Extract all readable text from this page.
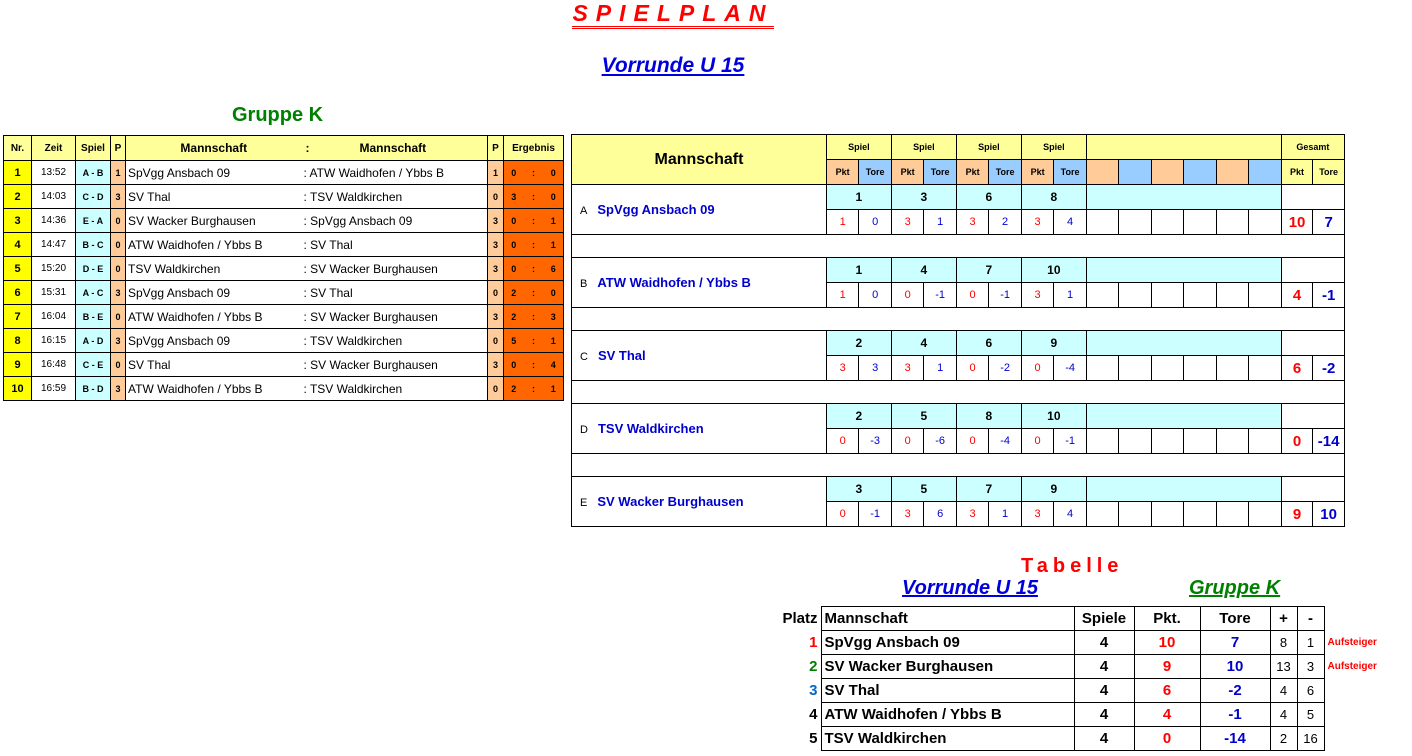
SPIELPLAN
Vorrunde U 15
Gruppe K
Nr.	Zeit	Spiel	P	Mannschaft	: Mannschaft	P	Ergebnis		
1	13:52	A - B	1	SpVgg Ansbach 09	: ATW Waidhofen / Ybbs B	1	0	:	0
2	14:03	C - D	3	SV Thal	: TSV Waldkirchen	0	3	:	0
3	14:36	E - A	0	SV Wacker Burghausen	: SpVgg Ansbach 09	3	0	:	1
4	14:47	B - C	0	ATW Waidhofen / Ybbs B	: SV Thal	3	0	:	1
5	15:20	D - E	0	TSV Waldkirchen	: SV Wacker Burghausen	3	0	:	6
6	15:31	A - C	3	SpVgg Ansbach 09	: SV Thal	0	2	:	0
7	16:04	B - E	0	ATW Waidhofen / Ybbs B	: SV Wacker Burghausen	3	2	:	3
8	16:15	A - D	3	SpVgg Ansbach 09	: TSV Waldkirchen	0	5	:	1
9	16:48	C - E	0	SV Thal	: SV Wacker Burghausen	3	0	:	4
10	16:59	B - D	3	ATW Waidhofen / Ybbs B	: TSV Waldkirchen	0	2	:	1
Mannschaft	Spiel		Spiel		Spiel		Spiel								Gesamt	
	Pkt	Tore	Pkt	Tore	Pkt	Tore	Pkt	Tore							Pkt	Tore
A SpVgg Ansbach 09	1		3		6		8									
	1	0	3	1	3	2	3	4							10	7

B ATW Waidhofen / Ybbs B	1		4		7		10									
	1	0	0	-1	0	-1	3	1							4	-1

C SV Thal	2		4		6		9									
	3	3	3	1	0	-2	0	-4							6	-2

D TSV Waldkirchen	2		5		8		10									
	0	-3	0	-6	0	-4	0	-1							0	-14

E SV Wacker Burghausen	3		5		7		9									
	0	-1	3	6	3	1	3	4							9	10
Tabelle
Vorrunde U 15	Gruppe K
Platz	Mannschaft	Spiele	Pkt.	Tore	+	-	
1	SpVgg Ansbach 09	4	10	7	8	1	Aufsteiger
2	SV Wacker Burghausen	4	9	10	13	3	Aufsteiger
3	SV Thal	4	6	-2	4	6	
4	ATW Waidhofen / Ybbs B	4	4	-1	4	5	
5	TSV Waldkirchen	4	0	-14	2	16	
